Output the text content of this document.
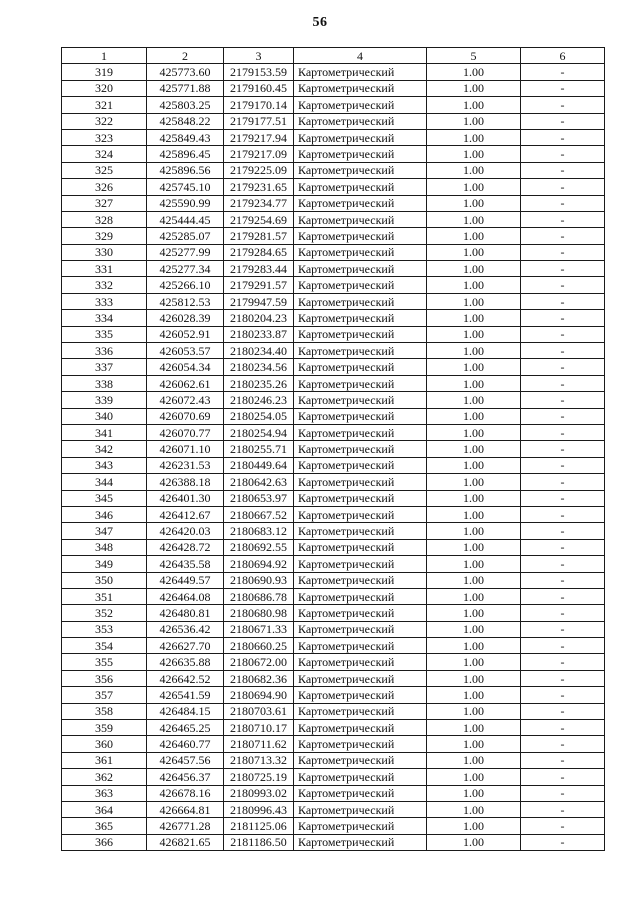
56
1	2	3	4	5	6
319	425773.60	2179153.59	Картометрический	1.00	-
320	425771.88	2179160.45	Картометрический	1.00	-
321	425803.25	2179170.14	Картометрический	1.00	-
322	425848.22	2179177.51	Картометрический	1.00	-
323	425849.43	2179217.94	Картометрический	1.00	-
324	425896.45	2179217.09	Картометрический	1.00	-
325	425896.56	2179225.09	Картометрический	1.00	-
326	425745.10	2179231.65	Картометрический	1.00	-
327	425590.99	2179234.77	Картометрический	1.00	-
328	425444.45	2179254.69	Картометрический	1.00	-
329	425285.07	2179281.57	Картометрический	1.00	-
330	425277.99	2179284.65	Картометрический	1.00	-
331	425277.34	2179283.44	Картометрический	1.00	-
332	425266.10	2179291.57	Картометрический	1.00	-
333	425812.53	2179947.59	Картометрический	1.00	-
334	426028.39	2180204.23	Картометрический	1.00	-
335	426052.91	2180233.87	Картометрический	1.00	-
336	426053.57	2180234.40	Картометрический	1.00	-
337	426054.34	2180234.56	Картометрический	1.00	-
338	426062.61	2180235.26	Картометрический	1.00	-
339	426072.43	2180246.23	Картометрический	1.00	-
340	426070.69	2180254.05	Картометрический	1.00	-
341	426070.77	2180254.94	Картометрический	1.00	-
342	426071.10	2180255.71	Картометрический	1.00	-
343	426231.53	2180449.64	Картометрический	1.00	-
344	426388.18	2180642.63	Картометрический	1.00	-
345	426401.30	2180653.97	Картометрический	1.00	-
346	426412.67	2180667.52	Картометрический	1.00	-
347	426420.03	2180683.12	Картометрический	1.00	-
348	426428.72	2180692.55	Картометрический	1.00	-
349	426435.58	2180694.92	Картометрический	1.00	-
350	426449.57	2180690.93	Картометрический	1.00	-
351	426464.08	2180686.78	Картометрический	1.00	-
352	426480.81	2180680.98	Картометрический	1.00	-
353	426536.42	2180671.33	Картометрический	1.00	-
354	426627.70	2180660.25	Картометрический	1.00	-
355	426635.88	2180672.00	Картометрический	1.00	-
356	426642.52	2180682.36	Картометрический	1.00	-
357	426541.59	2180694.90	Картометрический	1.00	-
358	426484.15	2180703.61	Картометрический	1.00	-
359	426465.25	2180710.17	Картометрический	1.00	-
360	426460.77	2180711.62	Картометрический	1.00	-
361	426457.56	2180713.32	Картометрический	1.00	-
362	426456.37	2180725.19	Картометрический	1.00	-
363	426678.16	2180993.02	Картометрический	1.00	-
364	426664.81	2180996.43	Картометрический	1.00	-
365	426771.28	2181125.06	Картометрический	1.00	-
366	426821.65	2181186.50	Картометрический	1.00	-
